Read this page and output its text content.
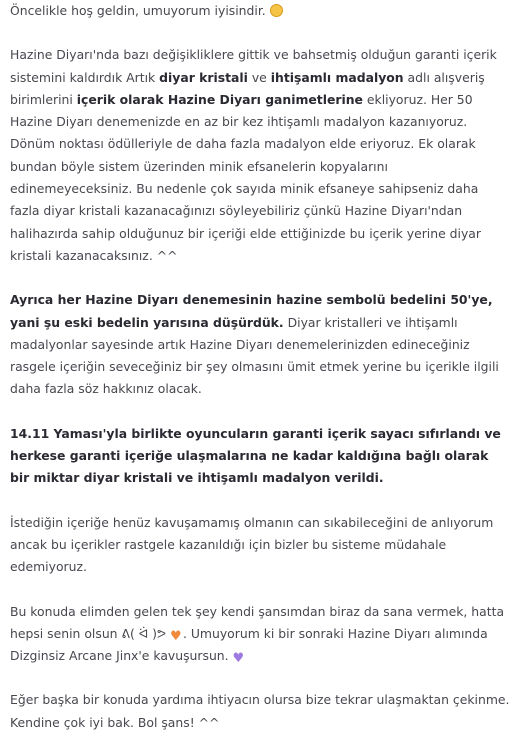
Öncelikle hoş geldin, umuyorum iyisindir.

Hazine Diyarı'nda bazı değişikliklere gittik ve bahsetmiş olduğun garanti içerik sistemini kaldırdık Artık diyar kristali ve ihtişamlı madalyon adlı alışveriş birimlerini içerik olarak Hazine Diyarı ganimetlerine ekliyoruz. Her 50 Hazine Diyarı denemenizde en az bir kez ihtişamlı madalyon kazanıyoruz. Dönüm noktası ödülleriyle de daha fazla madalyon elde eriyoruz. Ek olarak bundan böyle sistem üzerinden minik efsanelerin kopyalarını edinemeyeceksiniz. Bu nedenle çok sayıda minik efsaneye sahipseniz daha fazla diyar kristali kazanacağınızı söyleyebiliriz çünkü Hazine Diyarı'ndan halihazırda sahip olduğunuz bir içeriği elde ettiğinizde bu içerik yerine diyar kristali kazanacaksınız. ^^

Ayrıca her Hazine Diyarı denemesinin hazine sembolü bedelini 50'ye, yani şu eski bedelin yarısına düşürdük. Diyar kristalleri ve ihtişamlı madalyonlar sayesinde artık Hazine Diyarı denemelerinizden edineceğiniz rasgele içeriğin seveceğiniz bir şey olmasını ümit etmek yerine bu içerikle ilgili daha fazla söz hakkınız olacak.

14.11 Yaması'yla birlikte oyuncuların garanti içerik sayacı sıfırlandı ve herkese garanti içeriğe ulaşmalarına ne kadar kaldığına bağlı olarak bir miktar diyar kristali ve ihtişamlı madalyon verildi.

İstediğin içeriğe henüz kavuşamamış olmanın can sıkabileceğini de anlıyorum ancak bu içerikler rastgele kazanıldığı için bizler bu sisteme müdahale edemiyoruz.

Bu konuda elimden gelen tek şey kendi şansımdan biraz da sana vermek, hatta hepsi senin olsun ᕕ( ᐛ )ᕗ ♥. Umuyorum ki bir sonraki Hazine Diyarı alımında Dizginsiz Arcane Jinx'e kavuşursun. ♥

Eğer başka bir konuda yardıma ihtiyacın olursa bize tekrar ulaşmaktan çekinme. Kendine çok iyi bak. Bol şans! ^^
